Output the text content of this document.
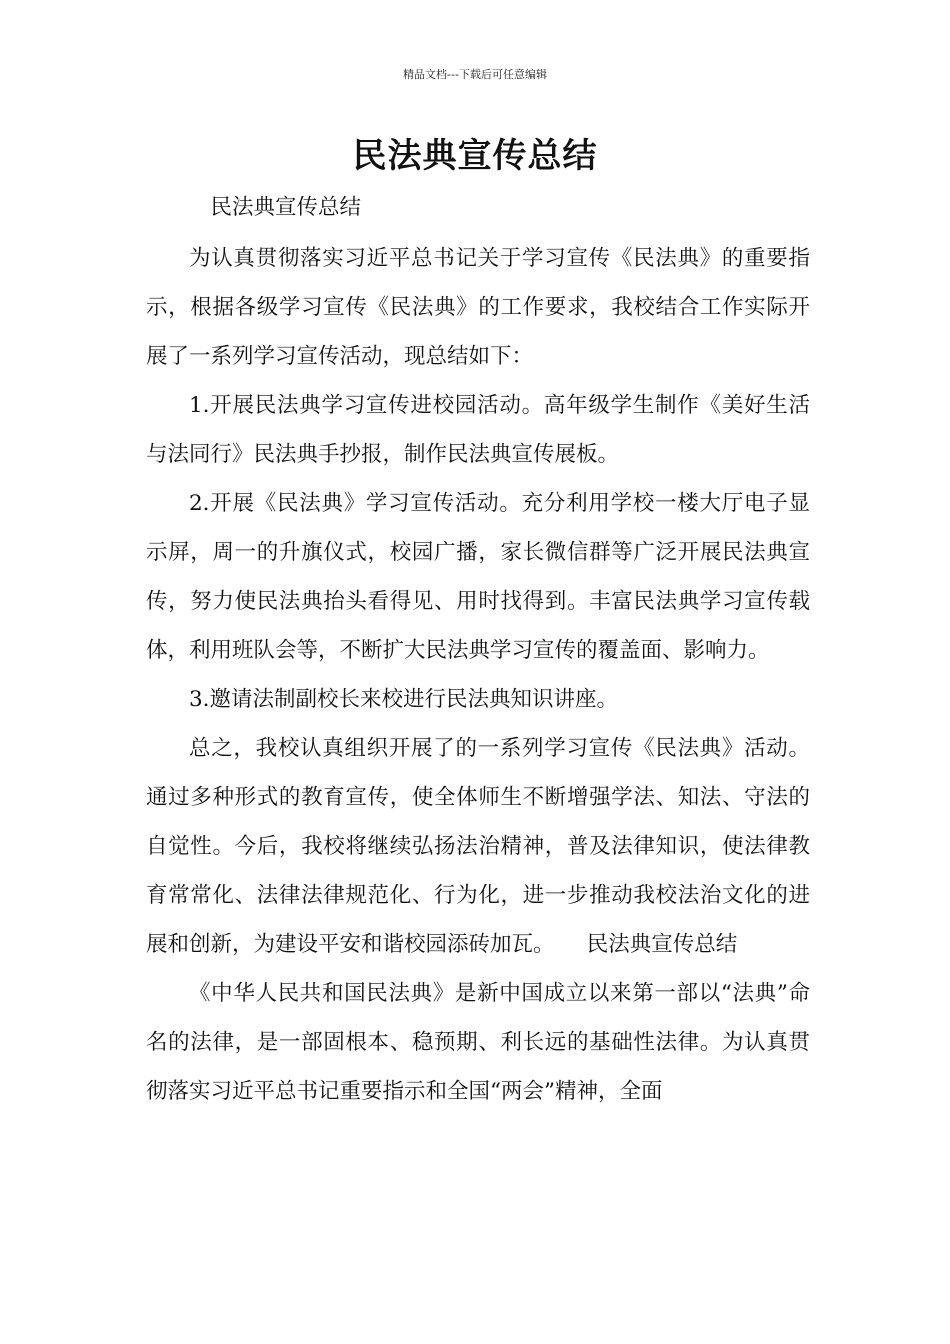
精品文档---下载后可任意编辑
民法典宣传总结

民法典宣传总结

为认真贯彻落实习近平总书记关于学习宣传《民法典》的重要指示，根据各级学习宣传《民法典》的工作要求，我校结合工作实际开展了一系列学习宣传活动，现总结如下：

1.开展民法典学习宣传进校园活动。高年级学生制作《美好生活与法同行》民法典手抄报，制作民法典宣传展板。

2.开展《民法典》学习宣传活动。充分利用学校一楼大厅电子显示屏，周一的升旗仪式，校园广播，家长微信群等广泛开展民法典宣传，努力使民法典抬头看得见、用时找得到。丰富民法典学习宣传载体，利用班队会等，不断扩大民法典学习宣传的覆盖面、影响力。

3.邀请法制副校长来校进行民法典知识讲座。

总之，我校认真组织开展了的一系列学习宣传《民法典》活动。通过多种形式的教育宣传，使全体师生不断增强学法、知法、守法的自觉性。今后，我校将继续弘扬法治精神，普及法律知识，使法律教育常常化、法律法律规范化、行为化，进一步推动我校法治文化的进展和创新，为建设平安和谐校园添砖加瓦。　　民法典宣传总结

《中华人民共和国民法典》是新中国成立以来第一部以“法典”命名的法律，是一部固根本、稳预期、利长远的基础性法律。为认真贯彻落实习近平总书记重要指示和全国“两会”精神，全面
